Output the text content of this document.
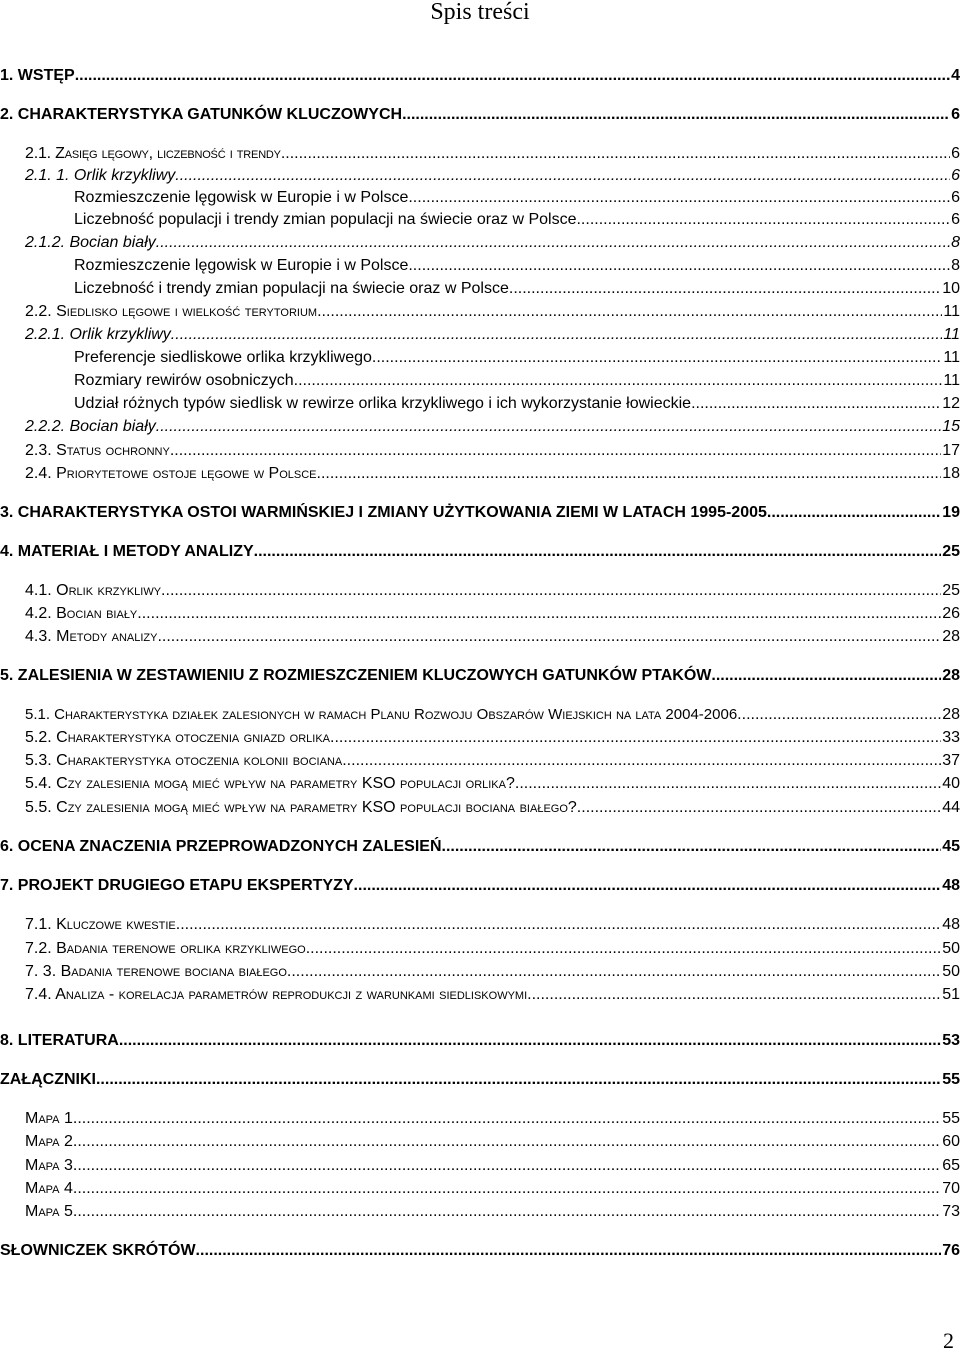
Spis treści
1. WSTĘP .....	4
2. CHARAKTERYSTYKA GATUNKÓW KLUCZOWYCH .....	6
2.1. Zasięg lęgowy, liczebność i trendy .....	6
2.1. 1. Orlik krzykliwy .....	6
Rozmieszczenie lęgowisk w Europie i w Polsce .....	6
Liczebność populacji i trendy zmian populacji na świecie oraz w Polsce .....	6
2.1.2. Bocian biały .....	8
Rozmieszczenie lęgowisk w Europie i w Polsce .....	8
Liczebność i trendy zmian populacji na świecie oraz w Polsce .....	10
2.2. Siedlisko lęgowe i wielkość terytorium .....	11
2.2.1. Orlik krzykliwy .....	11
Preferencje siedliskowe orlika krzykliwego .....	11
Rozmiary rewirów osobniczych .....	11
Udział różnych typów siedlisk w rewirze orlika krzykliwego i ich wykorzystanie łowieckie .....	12
2.2.2. Bocian biały .....	15
2.3. Status ochronny .....	17
2.4. Priorytetowe ostoje lęgowe w Polsce .....	18
3. CHARAKTERYSTYKA OSTOI WARMIŃSKIEJ I ZMIANY UŻYTKOWANIA ZIEMI W LATACH 1995-2005 .....	19
4. MATERIAŁ I METODY ANALIZY .....	25
4.1. Orlik krzykliwy .....	25
4.2. Bocian biały .....	26
4.3. Metody analizy .....	28
5. ZALESIENIA W ZESTAWIENIU Z ROZMIESZCZENIEM KLUCZOWYCH GATUNKÓW PTAKÓW .....	28
5.1. Charakterystyka działek zalesionych w ramach Planu Rozwoju Obszarów Wiejskich na lata 2004-2006 .....	28
5.2. Charakterystyka otoczenia gniazd orlika .....	33
5.3. Charakterystyka otoczenia kolonii bociana .....	37
5.4. Czy zalesienia mogą mieć wpływ na parametry KSO populacji orlika? .....	40
5.5. Czy zalesienia mogą mieć wpływ na parametry KSO populacji bociana białego? .....	44
6. OCENA ZNACZENIA PRZEPROWADZONYCH ZALESIEŃ .....	45
7. PROJEKT DRUGIEGO ETAPU EKSPERTYZY .....	48
7.1. Kluczowe kwestie .....	48
7.2. Badania terenowe orlika krzykliwego .....	50
7. 3. Badania terenowe bociana białego .....	50
7.4. Analiza - korelacja parametrów reprodukcji z warunkami siedliskowymi .....	51
8. LITERATURA .....	53
ZAŁĄCZNIKI .....	55
Mapa 1. .....	55
Mapa 2. .....	60
Mapa 3. .....	65
Mapa 4. .....	70
Mapa 5. .....	73
SŁOWNICZEK SKRÓTÓW .....	76
2
